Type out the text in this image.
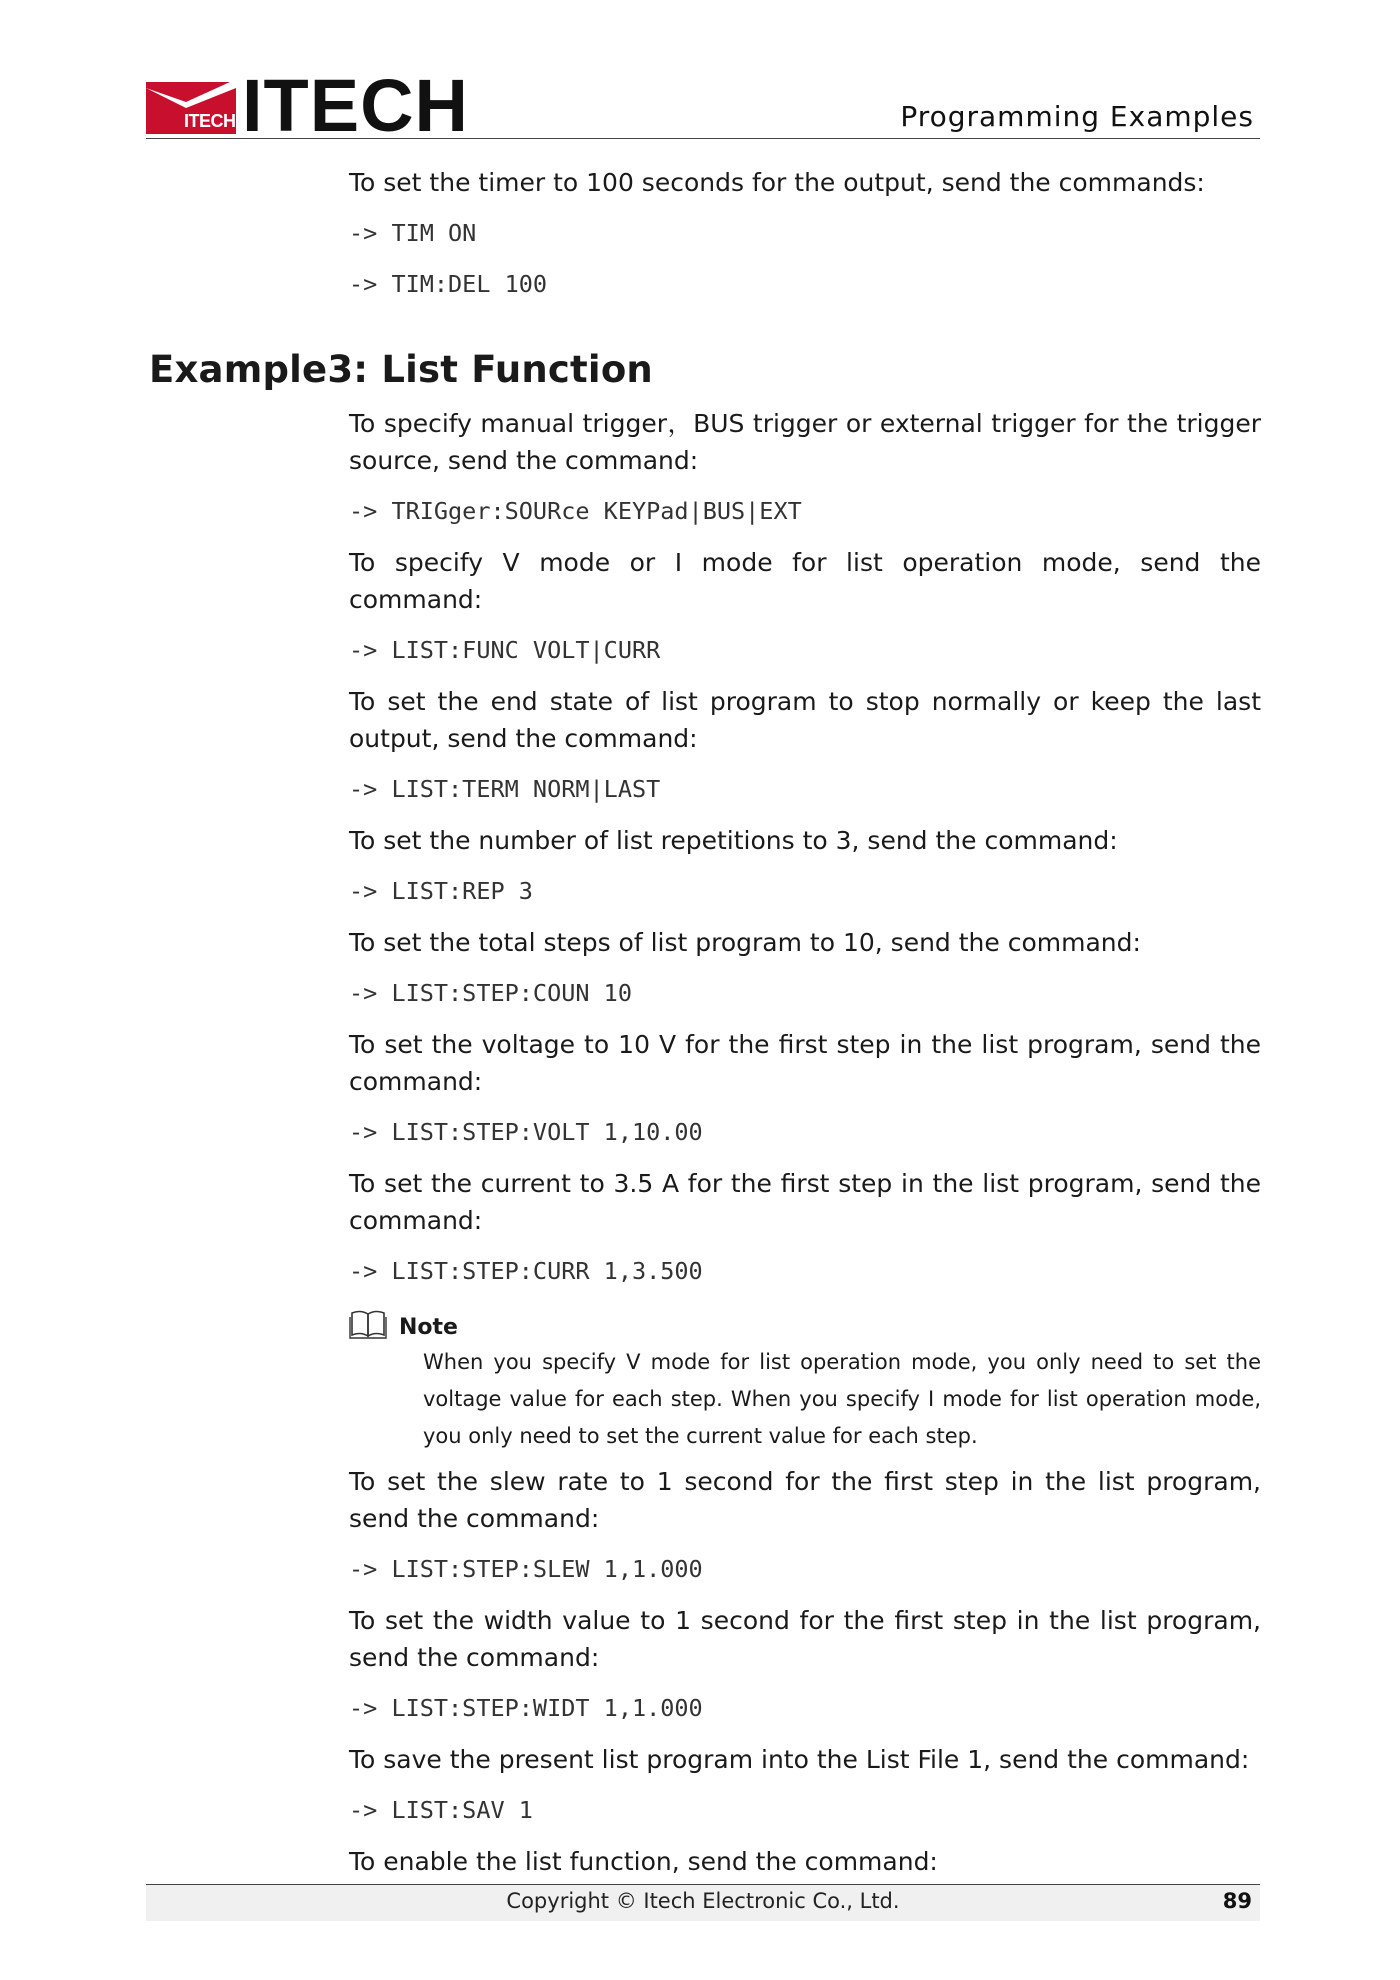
ITECH ITECH	Programming Examples

To set the timer to 100 seconds for the output, send the commands:

-> TIM ON
-> TIM:DEL 100
Example3: List Function

To specify manual trigger，BUS trigger or external trigger for the trigger source, send the command:

-> TRIGger:SOURce KEYPad|BUS|EXT

To specify V mode or I mode for list operation mode, send the command:

-> LIST:FUNC VOLT|CURR

To set the end state of list program to stop normally or keep the last output, send the command:

-> LIST:TERM NORM|LAST

To set the number of list repetitions to 3, send the command:

-> LIST:REP 3

To set the total steps of list program to 10, send the command:

-> LIST:STEP:COUN 10

To set the voltage to 10 V for the first step in the list program, send the command:

-> LIST:STEP:VOLT 1,10.00

To set the current to 3.5 A for the first step in the list program, send the command:

-> LIST:STEP:CURR 1,3.500
Note
When you specify V mode for list operation mode, you only need to set the voltage value for each step. When you specify I mode for list operation mode, you only need to set the current value for each step.

To set the slew rate to 1 second for the first step in the list program, send the command:

-> LIST:STEP:SLEW 1,1.000

To set the width value to 1 second for the first step in the list program, send the command:

-> LIST:STEP:WIDT 1,1.000

To save the present list program into the List File 1, send the command:

-> LIST:SAV 1

To enable the list function, send the command:

Copyright © Itech Electronic Co., Ltd.	89
